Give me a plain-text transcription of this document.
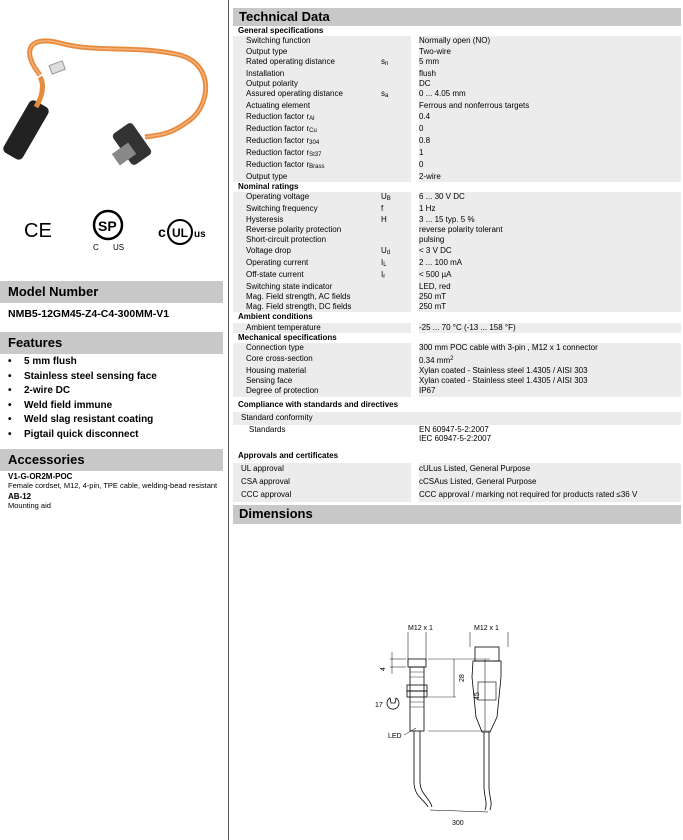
CE	SP
C US
c UL us
Model Number
NMB5-12GM45-Z4-C4-300MM-V1
Features
• 5 mm flush
• Stainless steel sensing face
• 2-wire DC
• Weld field immune
• Weld slag resistant coating
• Pigtail quick disconnect
Accessories
V1-G-OR2M-POC
Female cordset, M12, 4-pin, TPE cable, welding-bead resistant
AB-12
Mounting aid
Technical Data
General specifications			
Switching function			Normally open (NO)
Output type			Two-wire
Rated operating distance	$s_n$		5 mm
Installation			flush
Output polarity			DC
Assured operating distance	$s_a$		0 ... 4.05 mm
Actuating element			Ferrous and nonferrous targets
Reduction factor $r_{Al}$			0.4
Reduction factor $r_{Cu}$			0
Reduction factor $r_{304}$			0.8
Reduction factor $r_{St37}$			1
Reduction factor $r_{Brass}$			0
Output type			2-wire
Nominal ratings			
Operating voltage	$U_B$		6 ... 30 V DC
Switching frequency	f		1 Hz
Hysteresis	H		3 ... 15 typ. 5 %
Reverse polarity protection			reverse polarity tolerant
Short-circuit protection			pulsing
Voltage drop	$U_d$		< 3 V DC
Operating current	$I_L$		2 ... 100 mA
Off-state current	$I_r$		< 500 µA
Switching state indicator			LED, red
Mag. Field strength, AC fields			250 mT
Mag. Field strength, DC fields			250 mT
Ambient conditions			
Ambient temperature			-25 ... 70 °C (-13 ... 158 °F)
Mechanical specifications			
Connection type			300 mm POC cable with 3-pin , M12 x 1 connector
Core cross-section			0.34 $mm^2$
Housing material			Xylan coated - Stainless steel 1.4305 / AISI 303
Sensing face			Xylan coated - Stainless steel 1.4305 / AISI 303
Degree of protection			IP67
Compliance with standards and directives			
Standard conformity			
Standards			EN 60947-5-2:2007
IEC 60947-5-2:2007

Approvals and certificates			
UL approval			cULus Listed, General Purpose
CSA approval			cCSAus Listed, General Purpose
CCC approval			CCC approval / marking not required for products rated ≤36 V
Dimensions
M12 x 1	M12 x 1
4
28
45
17
LED
300
